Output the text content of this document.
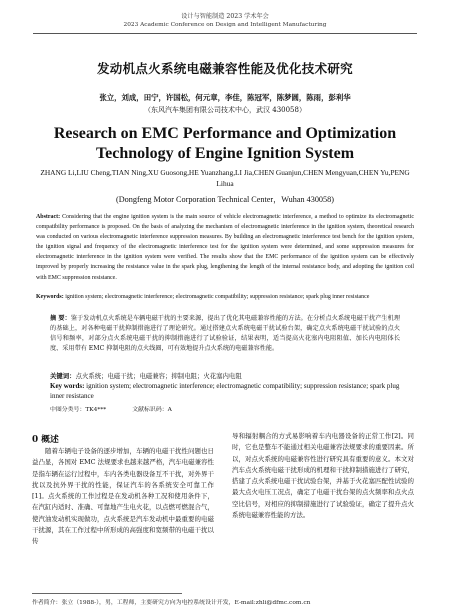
设计与智能制造 2023 学术年会
2023 Academic Conference on Design and Intelligent Manufacturing
发动机点火系统电磁兼容性能及优化技术研究
张立，刘成，田宁，许国松，何元章，李佳，陈冠军，陈梦圆，陈雨，彭利华
（东风汽车集团有限公司技术中心，武汉 430058）
Research on EMC Performance and Optimization
Technology of Engine Ignition System
ZHANG Li,LIU Cheng,TIAN Ning,XU Guosong,HE Yuanzhang,LI Jia,CHEN Guanjun,CHEN Mengyuan,CHEN Yu,PENG Lihua
(Dongfeng Motor Corporation Technical Center，Wuhan 430058)
Abstract: Considering that the engine ignition system is the main source of vehicle electromagnetic interference, a method to optimize its electromagnetic compatibility performance is proposed. On the basis of analyzing the mechanism of electromagnetic interference in the ignition system, theoretical research was conducted on various electromagnetic interference suppression measures. By building an electromagnetic interference test bench for the ignition system, the ignition signal and frequency of the electromagnetic interference test for the ignition system were determined, and some suppression measures for electromagnetic interference in the ignition system were verified. The results show that the EMC performance of the ignition system can be effectively improved by properly increasing the resistance value in the spark plug, lengthening the length of the internal resistance body, and adopting the ignition coil with EMC suppression resistance.
Keywords: ignition system; electromagnetic interference; electromagnetic compatibility; suppression resistance; spark plug inner resistance
摘 要：鉴于发动机点火系统是车辆电磁干扰的主要来源，提出了优化其电磁兼容性能的方法。在分析点火系统电磁干扰产生机理的基础上，对各种电磁干扰抑制措施进行了理论研究。通过搭建点火系统电磁干扰试验台架，确定点火系统电磁干扰试验的点火信号和频率，对部分点火系统电磁干扰的抑制措施进行了试验验证，结果表明，适当提高火花塞内电阻阻值、加长内电阻体长度、采用带有 EMC 抑制电阻的点火线圈，可有效地提升点火系统的电磁兼容性能。
关键词：点火系统；电磁干扰；电磁兼容；抑制电阻；火花塞内电阻
Key words: ignition system; electromagnetic interference; electromagnetic compatibility; suppression resistance; spark plug inner resistance
中图分类号：TK4***	文献标识码：A
0 概述

随着车辆电子设备的逐步增加，车辆的电磁干扰性问题也日益凸显，各国对 EMC 法规要求也越来越严格，汽车电磁兼容性是指车辆在运行过程中，车内各类电器设备互不干扰，对外界干扰以及抗外界干扰的性能，保证汽车的各系统安全可靠工作[1]。点火系统的工作过程是在发动机各种工况和使用条件下，在汽缸内适时、准确、可靠地产生电火花，以点燃可燃混合气，使汽油发动机实现做功，点火系统是汽车发动机中最重要的电磁干扰源，其在工作过程中所形成的高强度和宽频带的电磁干扰以传

导和辐射耦合的方式易影响着车内电器设备的正常工作[2]。同时，它也是整车不能通过相关电磁兼容法规要求的重要因素。所以，对点火系统的电磁兼容性进行研究具有重要的意义。本文对汽车点火系统电磁干扰形成的机理和干扰抑制措施进行了研究，搭建了点火系统电磁干扰试验台架，并基于火花塞匹配性试验的最大点火电压工况点，确定了电磁干扰台架的点火频率和点火点空比信号，对相应的抑制措施进行了试验验证，确定了提升点火系统电磁兼容性能的方法。

作者简介：张立（1988-），男，工程师，主要研究方向为电控系统设计开发，E-mail:zhli@dfmc.com.cn
